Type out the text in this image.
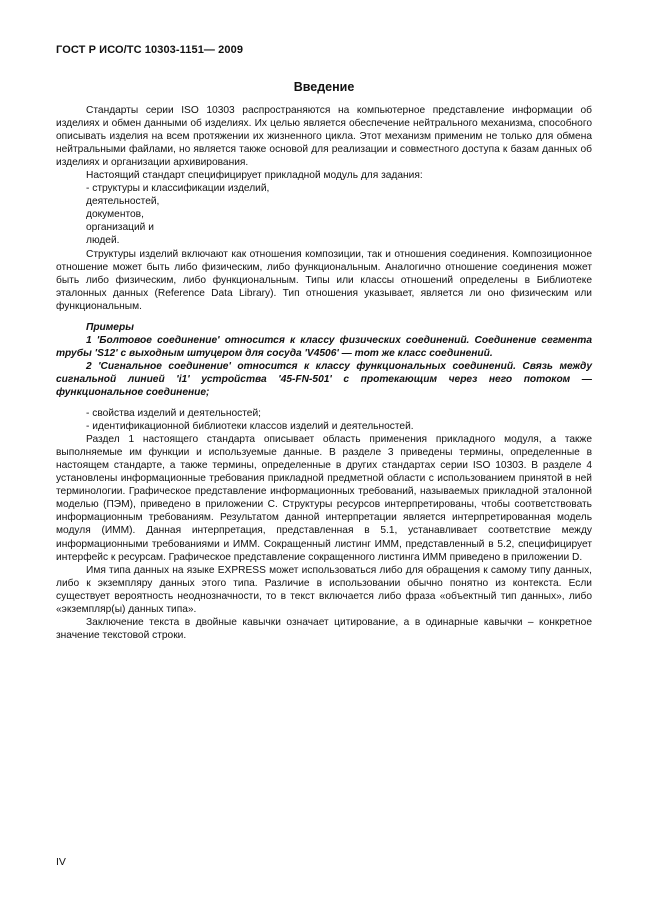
ГОСТ Р ИСО/ТС 10303-1151— 2009
Введение

Стандарты серии ISO 10303 распространяются на компьютерное представление информации об изделиях и обмен данными об изделиях. Их целью является обеспечение нейтрального механизма, способного описывать изделия на всем протяжении их жизненного цикла. Этот механизм применим не только для обмена нейтральными файлами, но является также основой для реализации и совместного доступа к базам данных об изделиях и организации архивирования.

Настоящий стандарт специфицирует прикладной модуль для задания:

- структуры и классификации изделий,
деятельностей,
документов,
организаций и
людей.

Структуры изделий включают как отношения композиции, так и отношения соединения. Композиционное отношение может быть либо физическим, либо функциональным. Аналогично отношение соединения может быть либо физическим, либо функциональным. Типы или классы отношений определены в Библиотеке эталонных данных (Reference Data Library). Тип отношения указывает, является ли оно физическим или функциональным.

Примеры

1 'Болтовое соединение' относится к классу физических соединений. Соединение сегмента трубы 'S12' с выходным штуцером для сосуда 'V4506' — тот же класс соединений.

2 'Сигнальное соединение' относится к классу функциональных соединений. Связь между сигнальной линией 'i1' устройства '45-FN-501' с протекающим через него потоком — функциональное соединение;

- свойства изделий и деятельностей;
- идентификационной библиотеки классов изделий и деятельностей.

Раздел 1 настоящего стандарта описывает область применения прикладного модуля, а также выполняемые им функции и используемые данные. В разделе 3 приведены термины, определенные в настоящем стандарте, а также термины, определенные в других стандартах серии ISO 10303. В разделе 4 установлены информационные требования прикладной предметной области с использованием принятой в ней терминологии. Графическое представление информационных требований, называемых прикладной эталонной моделью (ПЭМ), приведено в приложении С. Структуры ресурсов интерпретированы, чтобы соответствовать информационным требованиям. Результатом данной интерпретации является интерпретированная модель модуля (ИММ). Данная интерпретация, представленная в 5.1, устанавливает соответствие между информационными требованиями и ИММ. Сокращенный листинг ИММ, представленный в 5.2, специфицирует интерфейс к ресурсам. Графическое представление сокращенного листинга ИММ приведено в приложении D.

Имя типа данных на языке EXPRESS может использоваться либо для обращения к самому типу данных, либо к экземпляру данных этого типа. Различие в использовании обычно понятно из контекста. Если существует вероятность неоднозначности, то в текст включается либо фраза «объектный тип данных», либо «экземпляр(ы) данных типа».

Заключение текста в двойные кавычки означает цитирование, а в одинарные кавычки – конкретное значение текстовой строки.

IV
